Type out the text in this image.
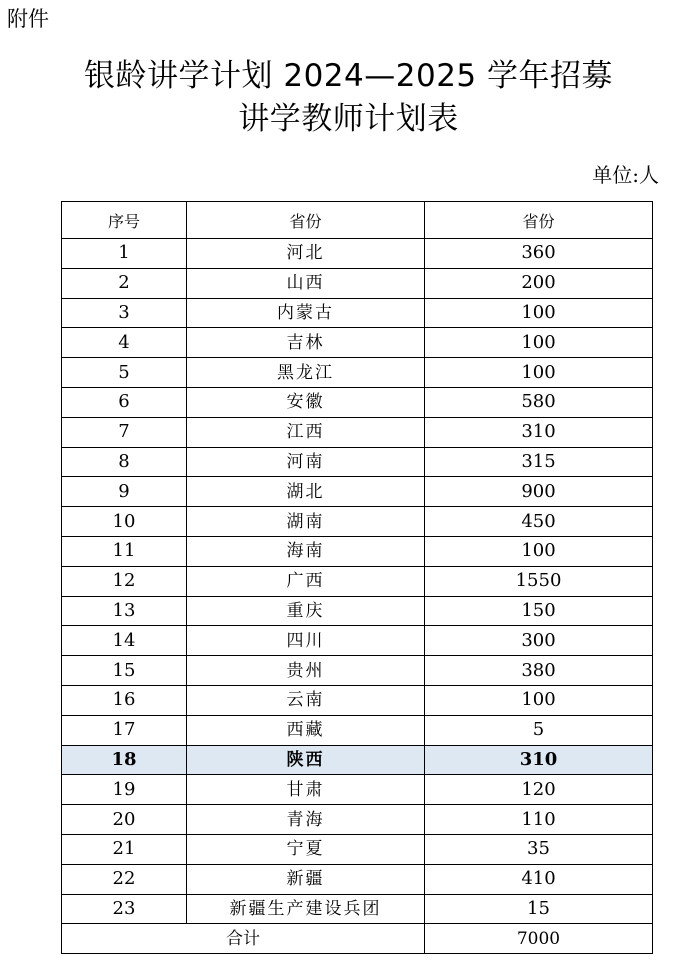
附件
银龄讲学计划 2024—2025 学年招募
讲学教师计划表
单位:人
序号	省份	省份
1	河北	360
2	山西	200
3	内蒙古	100
4	吉林	100
5	黑龙江	100
6	安徽	580
7	江西	310
8	河南	315
9	湖北	900
10	湖南	450
11	海南	100
12	广西	1550
13	重庆	150
14	四川	300
15	贵州	380
16	云南	100
17	西藏	5
18	陕西	310
19	甘肃	120
20	青海	110
21	宁夏	35
22	新疆	410
23	新疆生产建设兵团	15
合计		7000
